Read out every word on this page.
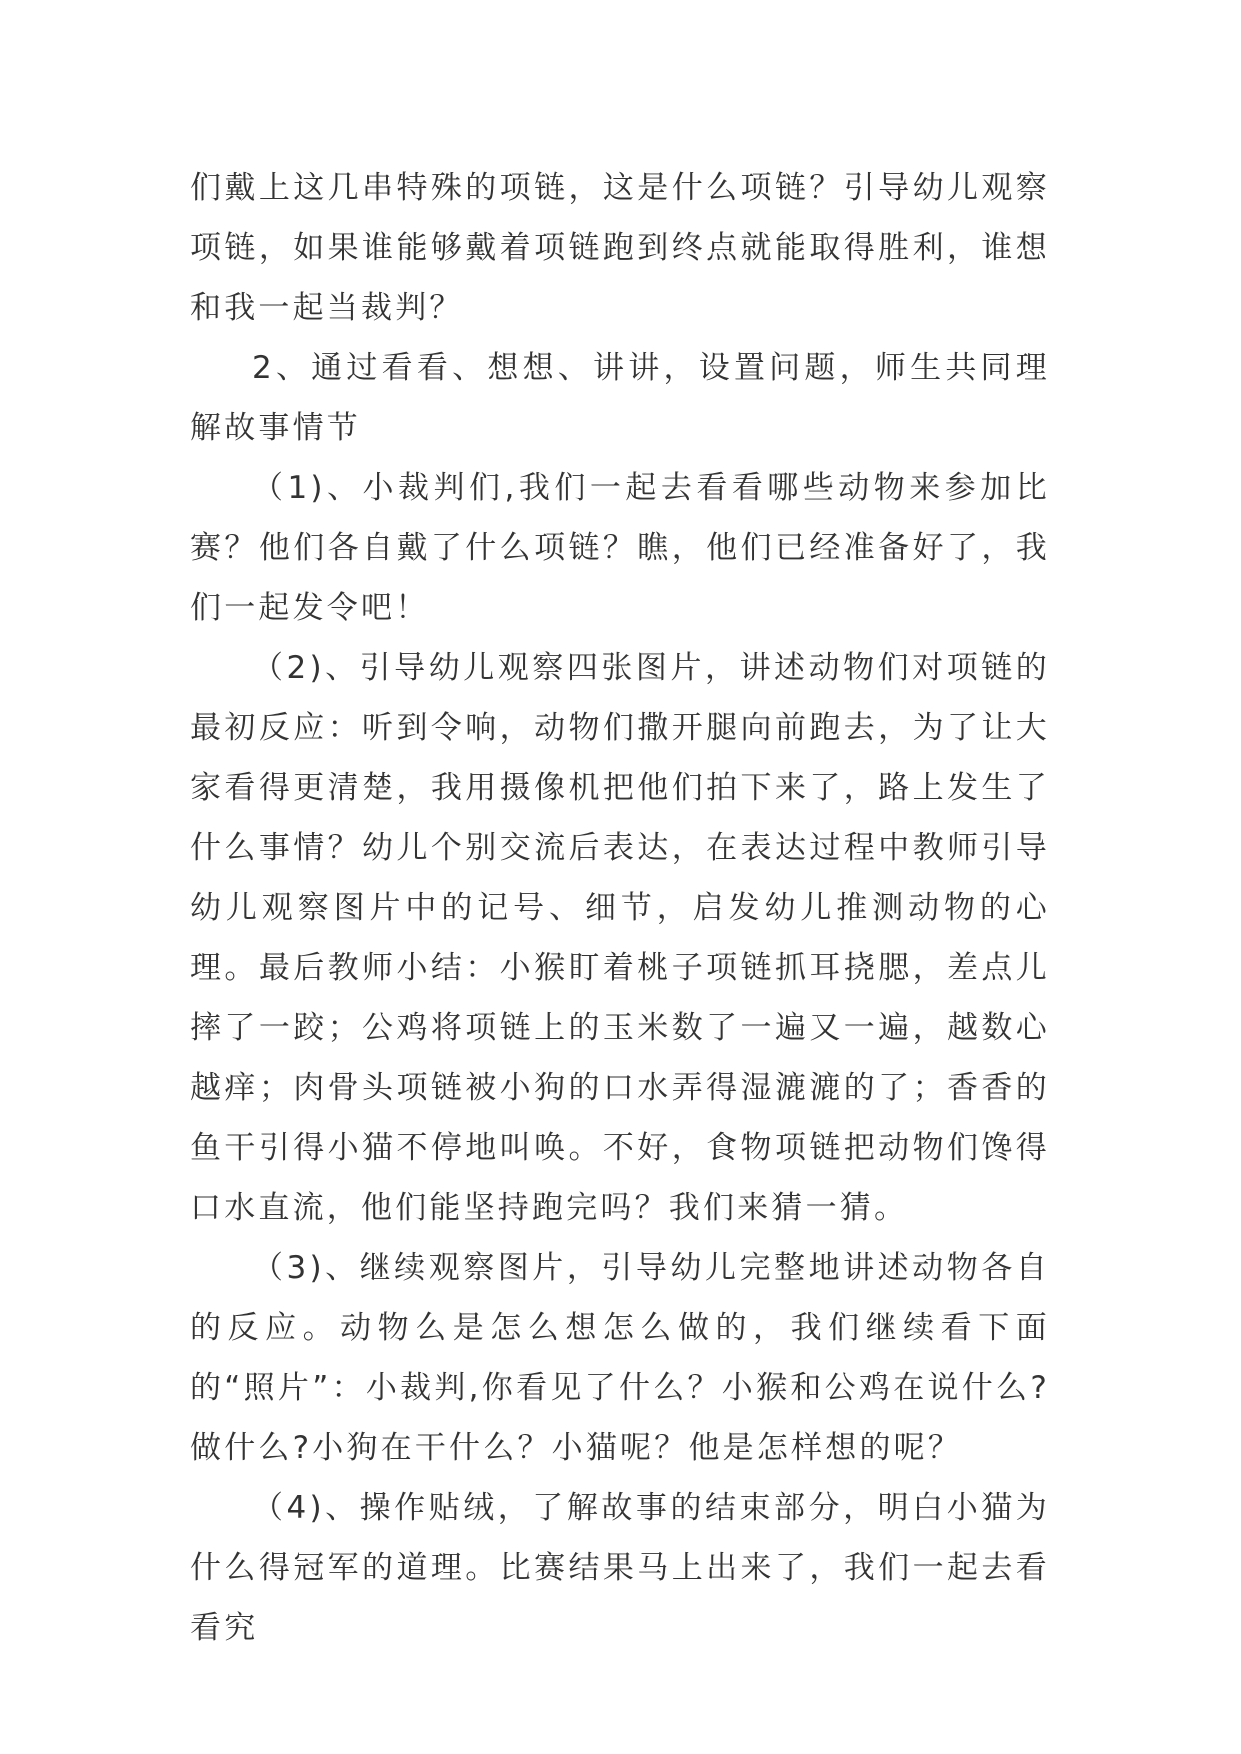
们戴上这几串特殊的项链，这是什么项链？引导幼儿观察项链，如果谁能够戴着项链跑到终点就能取得胜利，谁想和我一起当裁判？

2、通过看看、想想、讲讲，设置问题，师生共同理解故事情节

（1)、小裁判们,我们一起去看看哪些动物来参加比赛？他们各自戴了什么项链？瞧，他们已经准备好了，我们一起发令吧！

（2)、引导幼儿观察四张图片，讲述动物们对项链的最初反应：听到令响，动物们撒开腿向前跑去，为了让大家看得更清楚，我用摄像机把他们拍下来了，路上发生了什么事情？幼儿个别交流后表达，在表达过程中教师引导幼儿观察图片中的记号、细节，启发幼儿推测动物的心理。最后教师小结：小猴盯着桃子项链抓耳挠腮，差点儿摔了一跤；公鸡将项链上的玉米数了一遍又一遍，越数心越痒；肉骨头项链被小狗的口水弄得湿漉漉的了；香香的鱼干引得小猫不停地叫唤。不好，食物项链把动物们馋得口水直流，他们能坚持跑完吗？我们来猜一猜。

（3)、继续观察图片，引导幼儿完整地讲述动物各自的反应。动物么是怎么想怎么做的，我们继续看下面的“照片”：小裁判,你看见了什么？小猴和公鸡在说什么?做什么?小狗在干什么？小猫呢？他是怎样想的呢？

（4)、操作贴绒，了解故事的结束部分，明白小猫为什么得冠军的道理。比赛结果马上出来了，我们一起去看看究
